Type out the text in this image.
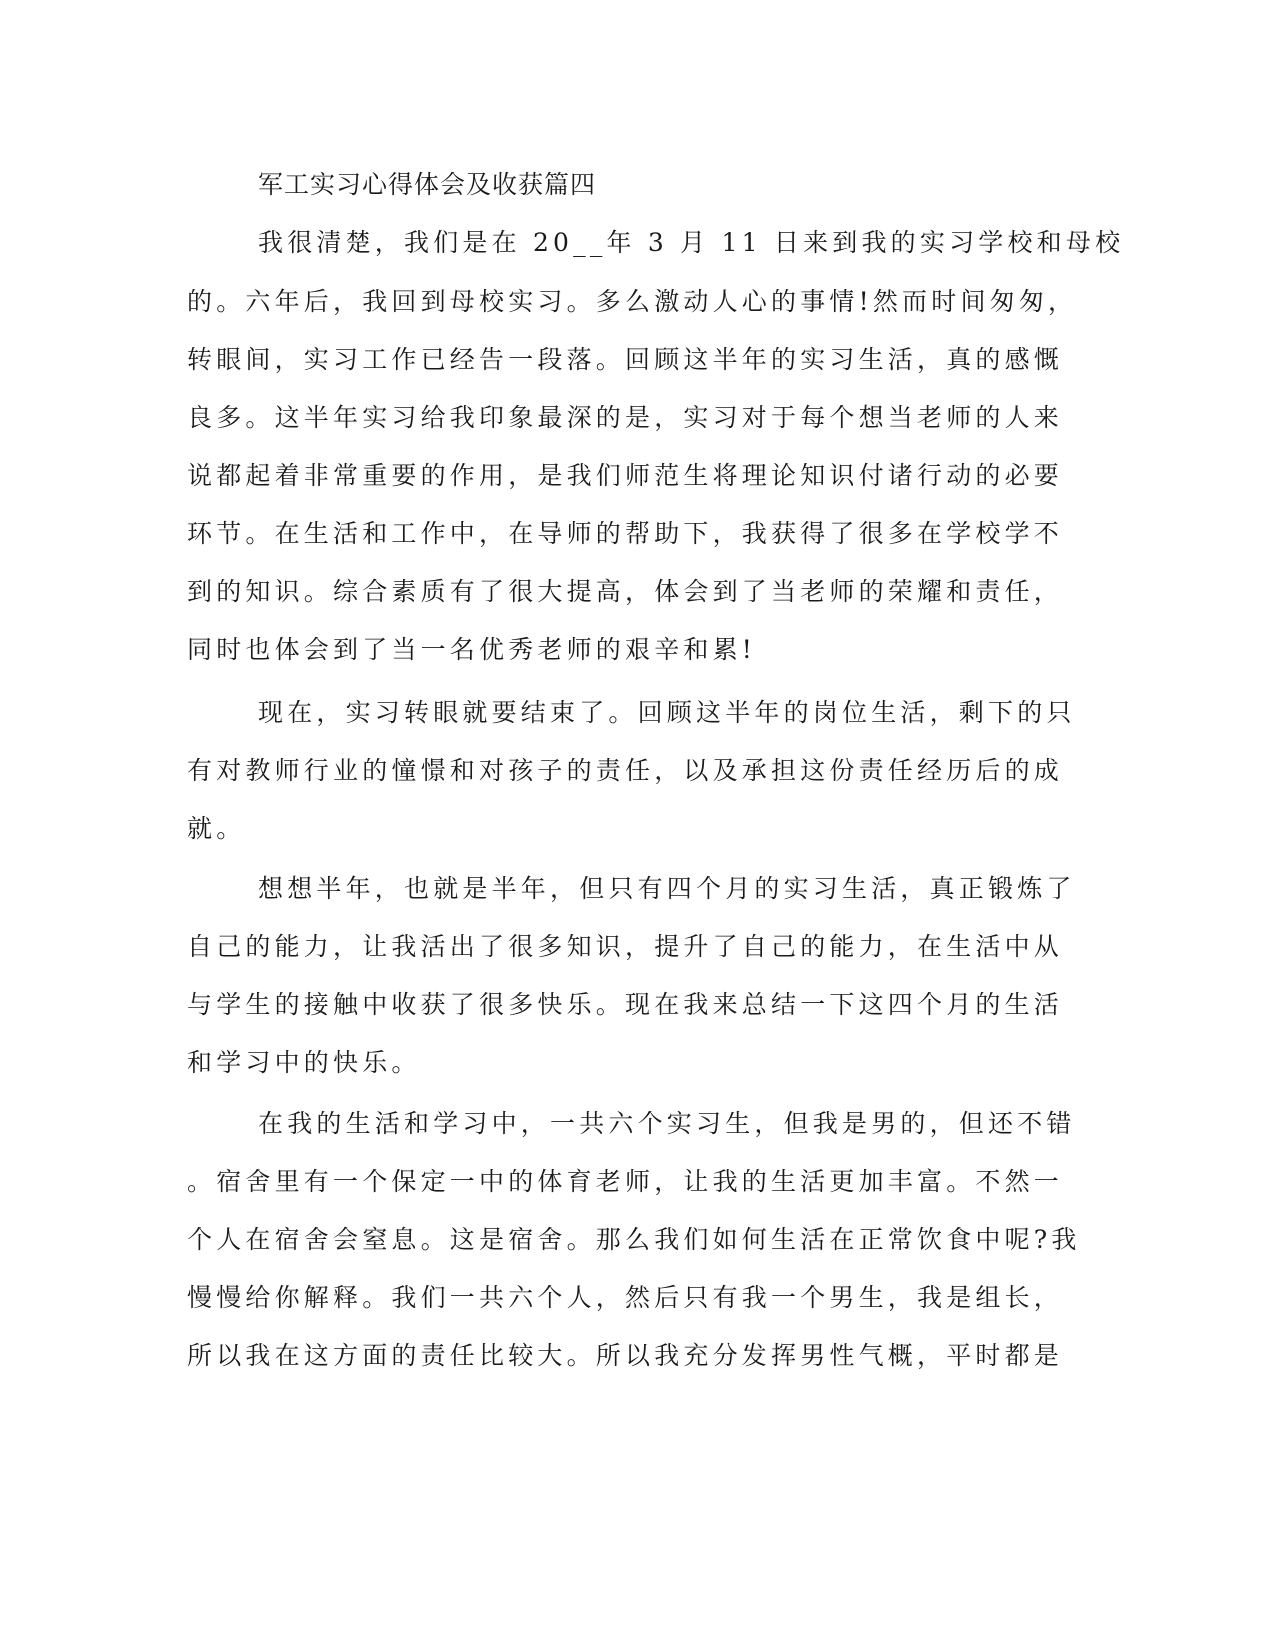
军工实习心得体会及收获篇四
我很清楚，我们是在 20__年 3 月 11 日来到我的实习学校和母校
的。六年后，我回到母校实习。多么激动人心的事情!然而时间匆匆，
转眼间，实习工作已经告一段落。回顾这半年的实习生活，真的感慨
良多。这半年实习给我印象最深的是，实习对于每个想当老师的人来
说都起着非常重要的作用，是我们师范生将理论知识付诸行动的必要
环节。在生活和工作中，在导师的帮助下，我获得了很多在学校学不
到的知识。综合素质有了很大提高，体会到了当老师的荣耀和责任，
同时也体会到了当一名优秀老师的艰辛和累!
现在，实习转眼就要结束了。回顾这半年的岗位生活，剩下的只
有对教师行业的憧憬和对孩子的责任，以及承担这份责任经历后的成
就。
想想半年，也就是半年，但只有四个月的实习生活，真正锻炼了
自己的能力，让我活出了很多知识，提升了自己的能力，在生活中从
与学生的接触中收获了很多快乐。现在我来总结一下这四个月的生活
和学习中的快乐。
在我的生活和学习中，一共六个实习生，但我是男的，但还不错
。宿舍里有一个保定一中的体育老师，让我的生活更加丰富。不然一
个人在宿舍会窒息。这是宿舍。那么我们如何生活在正常饮食中呢?我
慢慢给你解释。我们一共六个人，然后只有我一个男生，我是组长，
所以我在这方面的责任比较大。所以我充分发挥男性气概，平时都是
